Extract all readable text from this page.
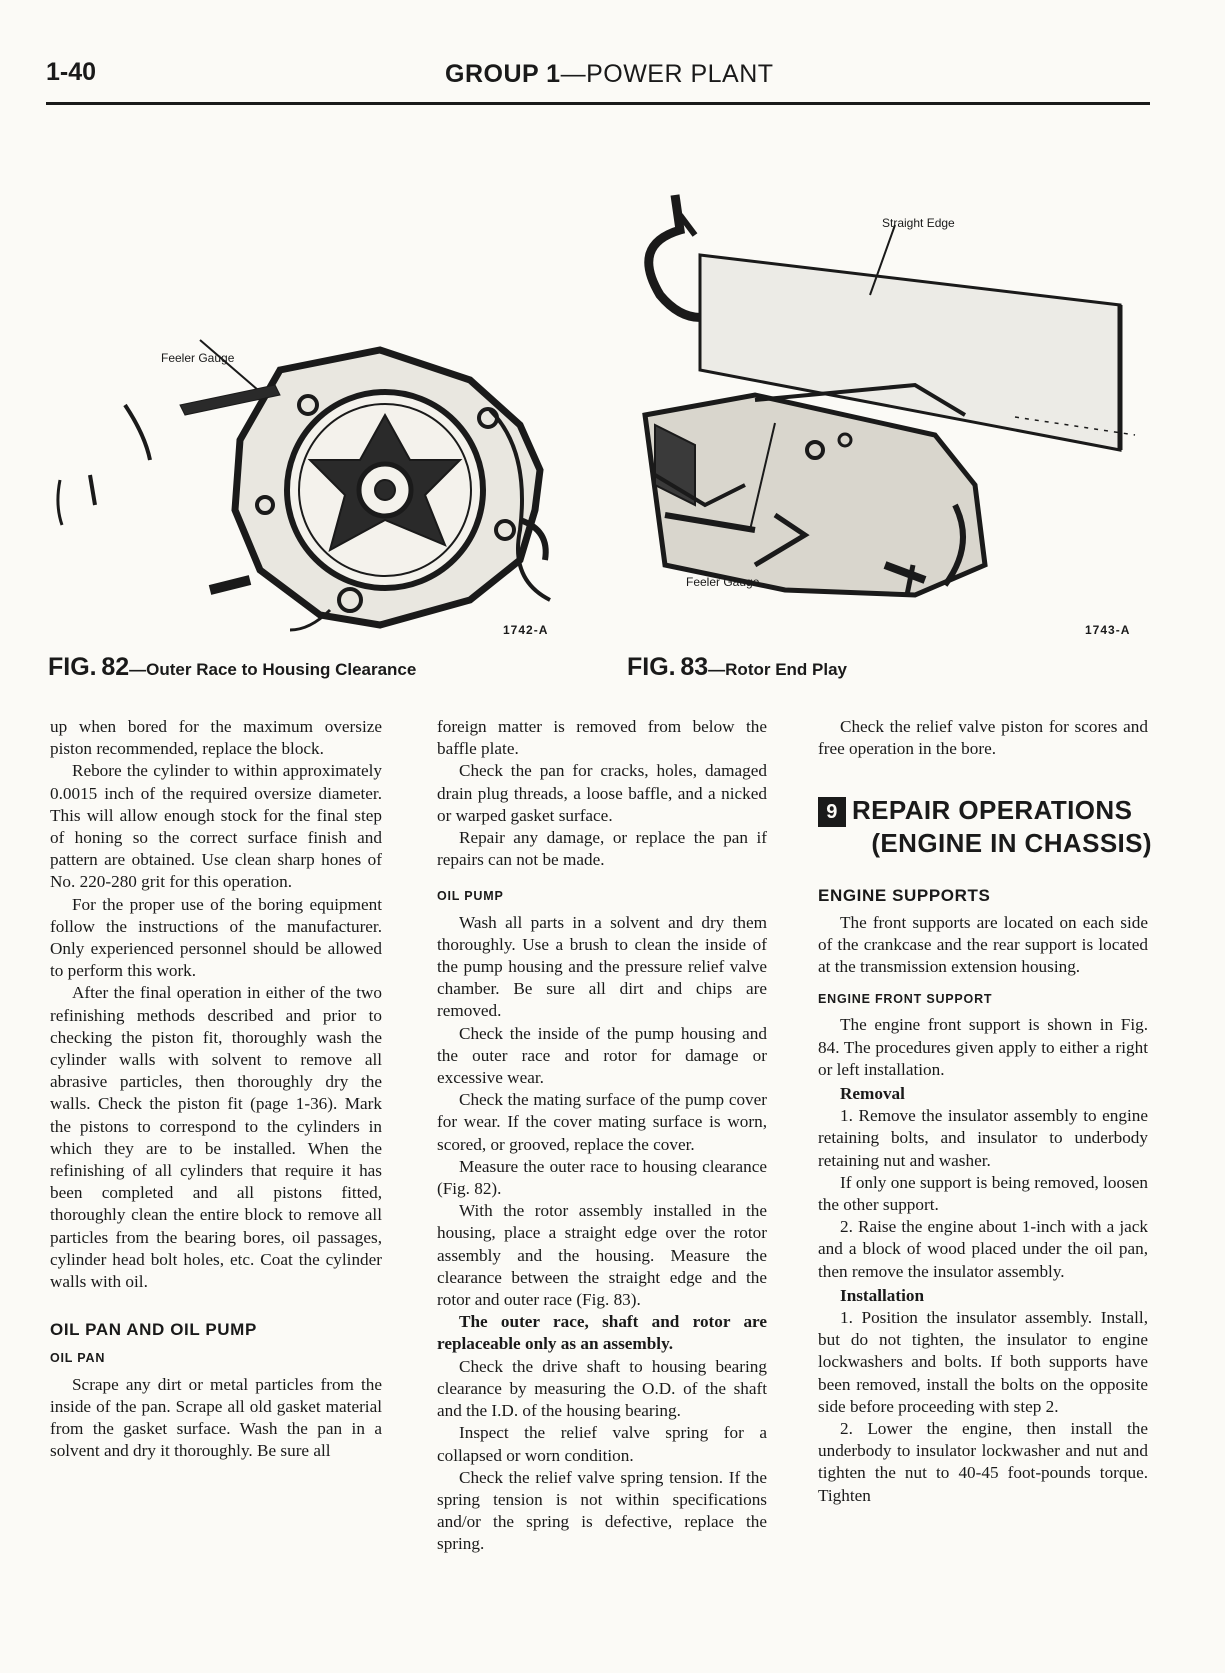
1-40	GROUP 1—POWER PLANT
Feeler Gauge
Straight Edge
Feeler Gauge
1742-A	1743-A
FIG. 82—Outer Race to Housing Clearance	FIG. 83—Rotor End Play

up when bored for the maximum oversize piston recommended, replace the block.

Rebore the cylinder to within approximately 0.0015 inch of the required oversize diameter. This will allow enough stock for the final step of honing so the correct surface finish and pattern are obtained. Use clean sharp hones of No. 220-280 grit for this operation.

For the proper use of the boring equipment follow the instructions of the manufacturer. Only experienced personnel should be allowed to perform this work.

After the final operation in either of the two refinishing methods described and prior to checking the piston fit, thoroughly wash the cylinder walls with solvent to remove all abrasive particles, then thoroughly dry the walls. Check the piston fit (page 1-36). Mark the pistons to correspond to the cylinders in which they are to be installed. When the refinishing of all cylinders that require it has been completed and all pistons fitted, thoroughly clean the entire block to remove all particles from the bearing bores, oil passages, cylinder head bolt holes, etc. Coat the cylinder walls with oil.

OIL PAN AND OIL PUMP
OIL PAN

Scrape any dirt or metal particles from the inside of the pan. Scrape all old gasket material from the gasket surface. Wash the pan in a solvent and dry it thoroughly. Be sure all

foreign matter is removed from below the baffle plate.

Check the pan for cracks, holes, damaged drain plug threads, a loose baffle, and a nicked or warped gasket surface.

Repair any damage, or replace the pan if repairs can not be made.

OIL PUMP

Wash all parts in a solvent and dry them thoroughly. Use a brush to clean the inside of the pump housing and the pressure relief valve chamber. Be sure all dirt and chips are removed.

Check the inside of the pump housing and the outer race and rotor for damage or excessive wear.

Check the mating surface of the pump cover for wear. If the cover mating surface is worn, scored, or grooved, replace the cover.

Measure the outer race to housing clearance (Fig. 82).

With the rotor assembly installed in the housing, place a straight edge over the rotor assembly and the housing. Measure the clearance between the straight edge and the rotor and outer race (Fig. 83).

The outer race, shaft and rotor are replaceable only as an assembly.

Check the drive shaft to housing bearing clearance by measuring the O.D. of the shaft and the I.D. of the housing bearing.

Inspect the relief valve spring for a collapsed or worn condition.

Check the relief valve spring tension. If the spring tension is not within specifications and/or the spring is defective, replace the spring.

Check the relief valve piston for scores and free operation in the bore.

9 REPAIR OPERATIONS
(ENGINE IN CHASSIS)
ENGINE SUPPORTS

The front supports are located on each side of the crankcase and the rear support is located at the transmission extension housing.

ENGINE FRONT SUPPORT

The engine front support is shown in Fig. 84. The procedures given apply to either a right or left installation.

Removal

1. Remove the insulator assembly to engine retaining bolts, and insulator to underbody retaining nut and washer.

If only one support is being removed, loosen the other support.

2. Raise the engine about 1-inch with a jack and a block of wood placed under the oil pan, then remove the insulator assembly.

Installation

1. Position the insulator assembly. Install, but do not tighten, the insulator to engine lockwashers and bolts. If both supports have been removed, install the bolts on the opposite side before proceeding with step 2.

2. Lower the engine, then install the underbody to insulator lockwasher and nut and tighten the nut to 40-45 foot-pounds torque. Tighten
